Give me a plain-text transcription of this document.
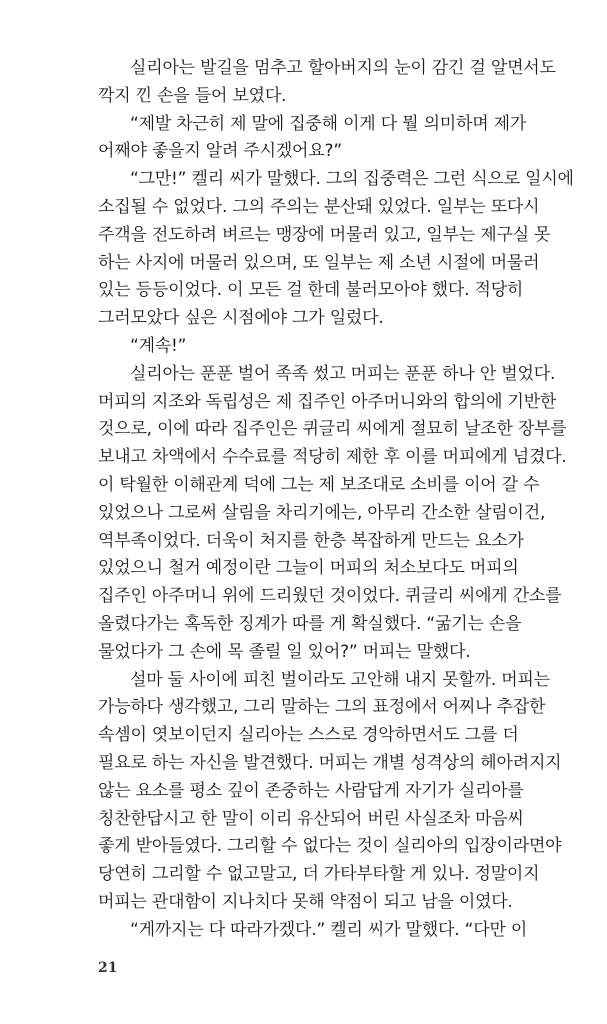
실리아는 발길을 멈추고 할아버지의 눈이 감긴 걸 알면서도
깍지 낀 손을 들어 보였다.
“제발 차근히 제 말에 집중해 이게 다 뭘 의미하며 제가
어째야 좋을지 알려 주시겠어요?”
“그만!” 켈리 씨가 말했다. 그의 집중력은 그런 식으로 일시에
소집될 수 없었다. 그의 주의는 분산돼 있었다. 일부는 또다시
주객을 전도하려 벼르는 맹장에 머물러 있고, 일부는 제구실 못
하는 사지에 머물러 있으며, 또 일부는 제 소년 시절에 머물러
있는 등등이었다. 이 모든 걸 한데 불러모아야 했다. 적당히
그러모았다 싶은 시점에야 그가 일렀다.
“계속!”
실리아는 푼푼 벌어 족족 썼고 머피는 푼푼 하나 안 벌었다.
머피의 지조와 독립성은 제 집주인 아주머니와의 합의에 기반한
것으로, 이에 따라 집주인은 퀴글리 씨에게 절묘히 날조한 장부를
보내고 차액에서 수수료를 적당히 제한 후 이를 머피에게 넘겼다.
이 탁월한 이해관계 덕에 그는 제 보조대로 소비를 이어 갈 수
있었으나 그로써 살림을 차리기에는, 아무리 간소한 살림이건,
역부족이었다. 더욱이 처지를 한층 복잡하게 만드는 요소가
있었으니 철거 예정이란 그늘이 머피의 처소보다도 머피의
집주인 아주머니 위에 드리웠던 것이었다. 퀴글리 씨에게 간소를
올렸다가는 혹독한 징계가 따를 게 확실했다. “굶기는 손을
물었다가 그 손에 목 졸릴 일 있어?” 머피는 말했다.
설마 둘 사이에 피친 벌이라도 고안해 내지 못할까. 머피는
가능하다 생각했고, 그리 말하는 그의 표정에서 어찌나 추잡한
속셈이 엿보이던지 실리아는 스스로 경악하면서도 그를 더
필요로 하는 자신을 발견했다. 머피는 개별 성격상의 헤아려지지
않는 요소를 평소 깊이 존중하는 사람답게 자기가 실리아를
칭찬한답시고 한 말이 이리 유산되어 버린 사실조차 마음씨
좋게 받아들였다. 그리할 수 없다는 것이 실리아의 입장이라면야
당연히 그리할 수 없고말고, 더 가타부타할 게 있나. 정말이지
머피는 관대함이 지나치다 못해 약점이 되고 남을 이였다.
“게까지는 다 따라가겠다.” 켈리 씨가 말했다. “다만 이
21
